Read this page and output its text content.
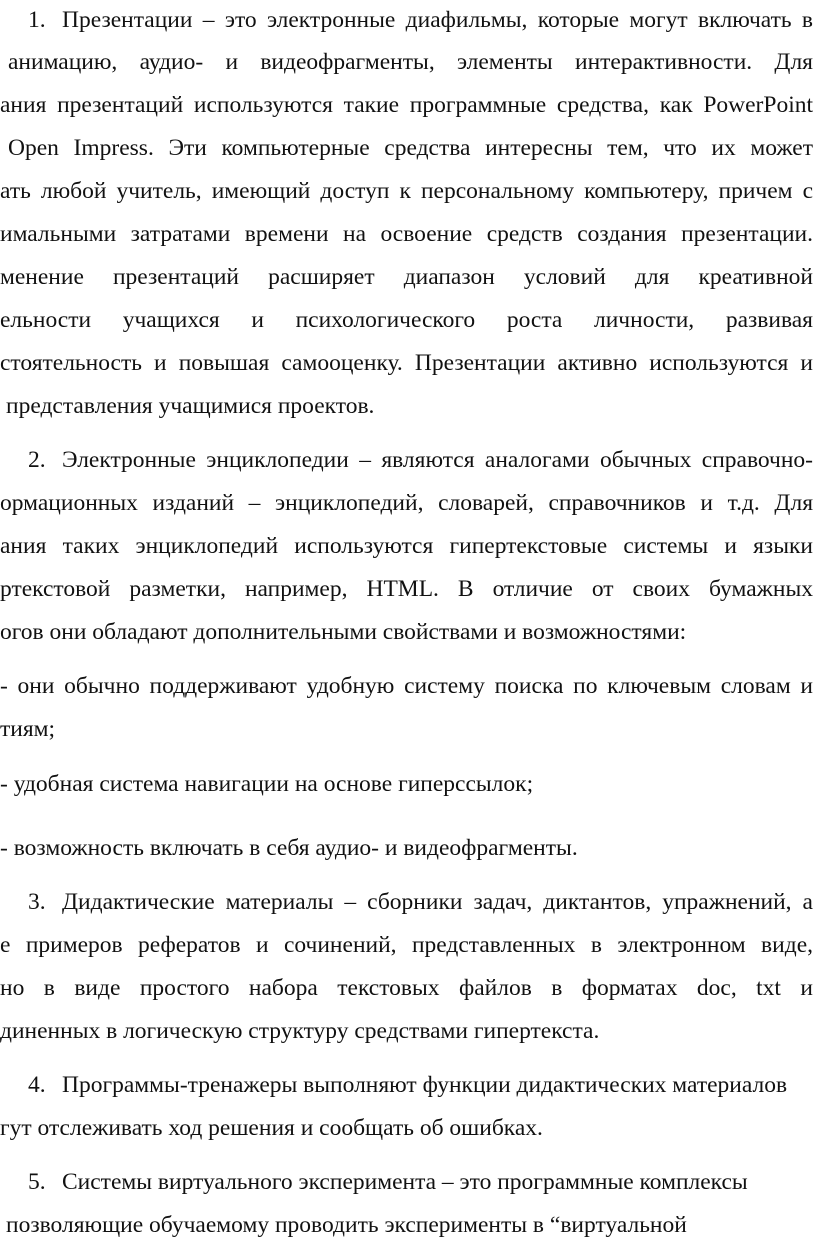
1. Презентации – это электронные диафильмы, которые могут включать в
анимацию, аудио- и видеофрагменты, элементы интерактивности. Для
ания презентаций используются такие программные средства, как PowerPoint
Open Impress. Эти компьютерные средства интересны тем, что их может
ать любой учитель, имеющий доступ к персональному компьютеру, причем с
имальными затратами времени на освоение средств создания презентации.
менение презентаций расширяет диапазон условий для креативной
ельности учащихся и психологического роста личности, развивая
стоятельность и повышая самооценку. Презентации активно используются и
представления учащимися проектов.
2. Электронные энциклопедии – являются аналогами обычных справочно-
ормационных изданий – энциклопедий, словарей, справочников и т.д. Для
ания таких энциклопедий используются гипертекстовые системы и языки
ртекстовой разметки, например, HTML. В отличие от своих бумажных
огов они обладают дополнительными свойствами и возможностями:
- они обычно поддерживают удобную систему поиска по ключевым словам и
тиям;
- удобная система навигации на основе гиперссылок;
- возможность включать в себя аудио- и видеофрагменты.
3. Дидактические материалы – сборники задач, диктантов, упражнений, а
е примеров рефератов и сочинений, представленных в электронном виде,
но в виде простого набора текстовых файлов в форматах doc, txt и
диненных в логическую структуру средствами гипертекста.
4. Программы-тренажеры выполняют функции дидактических материалов
гут отслеживать ход решения и сообщать об ошибках.
5. Системы виртуального эксперимента – это программные комплексы
позволяющие обучаемому проводить эксперименты в “виртуальной
